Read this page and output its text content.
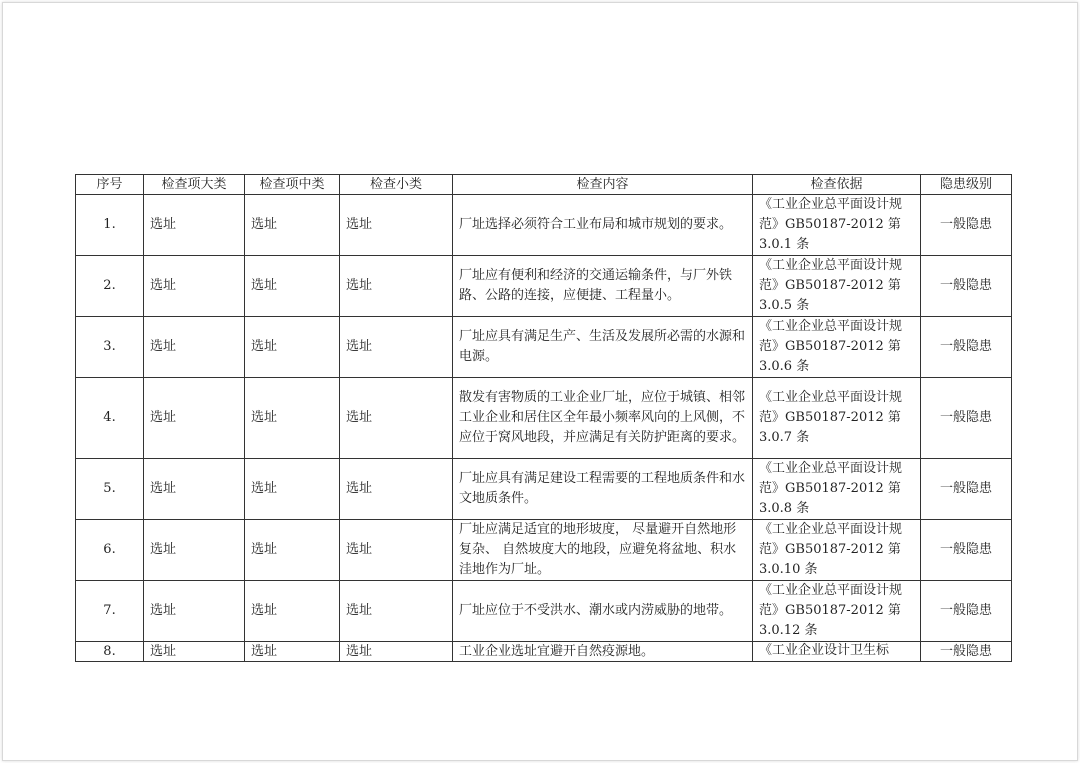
序号	检查项大类	检查项中类	检查小类	检查内容	检查依据	隐患级别
1.	选址	选址	选址	厂址选择必须符合工业布局和城市规划的要求。	《工业企业总平面设计规范》GB50187-2012 第 3.0.1 条	一般隐患
2.	选址	选址	选址	厂址应有便利和经济的交通运输条件，与厂外铁路、公路的连接，应便捷、工程量小。	《工业企业总平面设计规范》GB50187-2012 第 3.0.5 条	一般隐患
3.	选址	选址	选址	厂址应具有满足生产、生活及发展所必需的水源和电源。	《工业企业总平面设计规范》GB50187-2012 第 3.0.6 条	一般隐患
4.	选址	选址	选址	散发有害物质的工业企业厂址，应位于城镇、相邻工业企业和居住区全年最小频率风向的上风侧，不应位于窝风地段，并应满足有关防护距离的要求。	《工业企业总平面设计规范》GB50187-2012 第 3.0.7 条	一般隐患
5.	选址	选址	选址	厂址应具有满足建设工程需要的工程地质条件和水文地质条件。	《工业企业总平面设计规范》GB50187-2012 第 3.0.8 条	一般隐患
6.	选址	选址	选址	厂址应满足适宜的地形坡度， 尽量避开自然地形复杂、 自然坡度大的地段，应避免将盆地、积水洼地作为厂址。	《工业企业总平面设计规范》GB50187-2012 第 3.0.10 条	一般隐患
7.	选址	选址	选址	厂址应位于不受洪水、潮水或内涝威胁的地带。	《工业企业总平面设计规范》GB50187-2012 第 3.0.12 条	一般隐患
8.	选址	选址	选址	工业企业选址宜避开自然疫源地。	《工业企业设计卫生标	一般隐患
